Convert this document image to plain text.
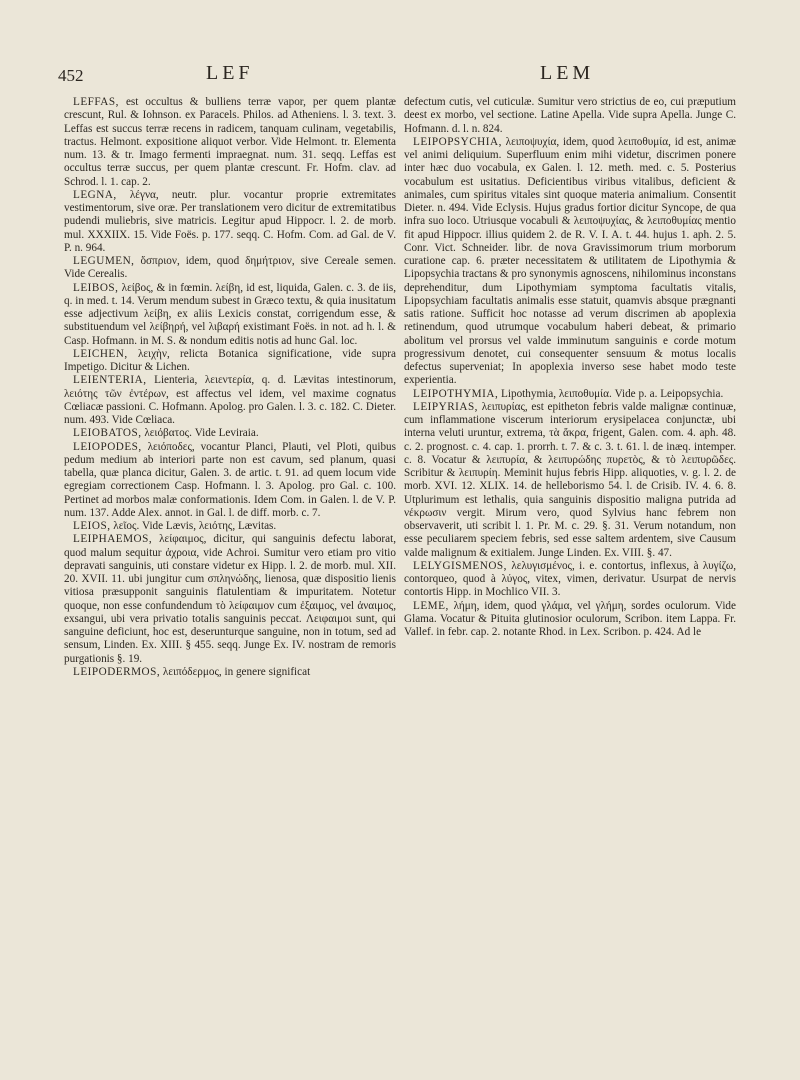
452	LEF	LEM

LEFFAS, est occultus & bulliens terræ vapor, per quem plantæ crescunt, Rul. & Iohnson. ex Paracels. Philos. ad Atheniens. l. 3. text. 3. Leffas est succus terræ recens in radicem, tanquam culinam, vegetabilis, tractus. Helmont. expositione aliquot verbor. Vide Helmont. tr. Elementa num. 13. & tr. Imago fermenti impraegnat. num. 31. seqq. Leffas est occultus terræ succus, per quem plantæ crescunt. Fr. Hofm. clav. ad Schrod. l. 1. cap. 2.

LEGNA, λέγνα, neutr. plur. vocantur proprie extremitates vestimentorum, sive oræ. Per translationem vero dicitur de extremitatibus pudendi muliebris, sive matricis. Legitur apud Hippocr. l. 2. de morb. mul. XXXIIX. 15. Vide Foës. p. 177. seqq. C. Hofm. Com. ad Gal. de V. P. n. 964.

LEGUMEN, ὄσπριον, idem, quod δημήτριον, sive Cereale semen. Vide Cerealis.

LEIBOS, λείβος, & in fœmin. λείβη, id est, liquida, Galen. c. 3. de iis, q. in med. t. 14. Verum mendum subest in Græco textu, & quia inusitatum esse adjectivum λείβη, ex aliis Lexicis constat, corrigendum esse, & substituendum vel λείβηρή, vel λιβαρή existimant Foës. in not. ad h. l. & Casp. Hofmann. in M. S. & nondum editis notis ad hunc Gal. loc.

LEICHEN, λειχὴν, relicta Botanica significatione, vide supra Impetigo. Dicitur & Lichen.

LEIENTERIA, Lienteria, λειεντερία, q. d. Lævitas intestinorum, λειότης τῶν ἐντέρων, est affectus vel idem, vel maxime cognatus Cœliacæ passioni. C. Hofmann. Apolog. pro Galen. l. 3. c. 182. C. Dieter. num. 493. Vide Cœliaca.

LEIOBATOS, λειόβατος. Vide Leviraia.

LEIOPODES, λειόποδες, vocantur Planci, Plauti, vel Ploti, quibus pedum medium ab interiori parte non est cavum, sed planum, quasi tabella, quæ planca dicitur, Galen. 3. de artic. t. 91. ad quem locum vide egregiam correctionem Casp. Hofmann. l. 3. Apolog. pro Gal. c. 100. Pertinet ad morbos malæ conformationis. Idem Com. in Galen. l. de V. P. num. 137. Adde Alex. annot. in Gal. l. de diff. morb. c. 7.

LEIOS, λεῖος. Vide Lævis, λειότης, Lævitas.

LEIPHAEMOS, λείφαιμος, dicitur, qui sanguinis defectu laborat, quod malum sequitur ἀχροια, vide Achroi. Sumitur vero etiam pro vitio depravati sanguinis, uti constare videtur ex Hipp. l. 2. de morb. mul. XII. 20. XVII. 11. ubi jungitur cum σπληνώδης, lienosa, quæ dispositio lienis vitiosa præsupponit sanguinis flatulentiam & impuritatem. Notetur quoque, non esse confundendum τὸ λείφαιμον cum ἐξαιμος, vel ἀναιμος, exsangui, ubi vera privatio totalis sanguinis peccat. Λειφαιμοι sunt, qui sanguine deficiunt, hoc est, deserunturque sanguine, non in totum, sed ad sensum, Linden. Ex. XIII. § 455. seqq. Junge Ex. IV. nostram de remoris purgationis §. 19.

LEIPODERMOS, λειπόδερμος, in genere significat

defectum cutis, vel cuticulæ. Sumitur vero strictius de eo, cui præputium deest ex morbo, vel sectione. Latine Apella. Vide supra Apella. Junge C. Hofmann. d. l. n. 824.

LEIPOPSYCHIA, λειποψυχία, idem, quod λειποθυμία, id est, animæ vel animi deliquium. Superfluum enim mihi videtur, discrimen ponere inter hæc duo vocabula, ex Galen. l. 12. meth. med. c. 5. Posterius vocabulum est usitatius. Deficientibus viribus vitalibus, deficient & animales, cum spiritus vitales sint quoque materia animalium. Consentit Dieter. n. 494. Vide Eclysis. Hujus gradus fortior dicitur Syncope, de qua infra suo loco. Utriusque vocabuli & λειποψυχίας, & λειποθυμίας mentio fit apud Hippocr. illius quidem 2. de R. V. I. A. t. 44. hujus 1. aph. 2. 5. Conr. Vict. Schneider. libr. de nova Gravissimorum trium morborum curatione cap. 6. præter necessitatem & utilitatem de Lipothymia & Lipopsychia tractans & pro synonymis agnoscens, nihilominus inconstans deprehenditur, dum Lipothymiam symptoma facultatis vitalis, Lipopsychiam facultatis animalis esse statuit, quamvis absque prægnanti satis ratione. Sufficit hoc notasse ad verum discrimen ab apoplexia retinendum, quod utrumque vocabulum haberi debeat, & primario abolitum vel prorsus vel valde imminutum sanguinis e corde motum progressivum denotet, cui consequenter sensuum & motus localis defectus superveniat; In apoplexia inverso sese habet modo teste experientia.

LEIPOTHYMIA, Lipothymia, λειποθυμία. Vide p. a. Leipopsychia.

LEIPYRIAS, λειπυρίας, est epitheton febris valde malignæ continuæ, cum inflammatione viscerum interiorum erysipelacea conjunctæ, ubi interna veluti uruntur, extrema, τὰ ἄκρα, frigent, Galen. com. 4. aph. 48. c. 2. prognost. c. 4. cap. 1. prorrh. t. 7. & c. 3. t. 61. l. de inæq. intemper. c. 8. Vocatur & λειπυρία, & λειπυρώδης πυρετὸς, & τὸ λειπυρῶδες. Scribitur & λειπυρίη. Meminit hujus febris Hipp. aliquoties, v. g. l. 2. de morb. XVI. 12. XLIX. 14. de helleborismo 54. l. de Crisib. IV. 4. 6. 8. Utplurimum est lethalis, quia sanguinis dispositio maligna putrida ad νέκρωσιν vergit. Mirum vero, quod Sylvius hanc febrem non observaverit, uti scribit l. 1. Pr. M. c. 29. §. 31. Verum notandum, non esse peculiarem speciem febris, sed esse saltem ardentem, sive Causum valde malignum & exitialem. Junge Linden. Ex. VIII. §. 47.

LELYGISMENOS, λελυγισμένος, i. e. contortus, inflexus, à λυγίζω, contorqueo, quod à λύγος, vitex, vimen, derivatur. Usurpat de nervis contortis Hipp. in Mochlico VII. 3.

LEME, λήμη, idem, quod γλάμα, vel γλήμη, sordes oculorum. Vide Glama. Vocatur & Pituita glutinosior oculorum, Scribon. item Lappa. Fr. Vallef. in febr. cap. 2. notante Rhod. in Lex. Scribon. p. 424. Ad le
